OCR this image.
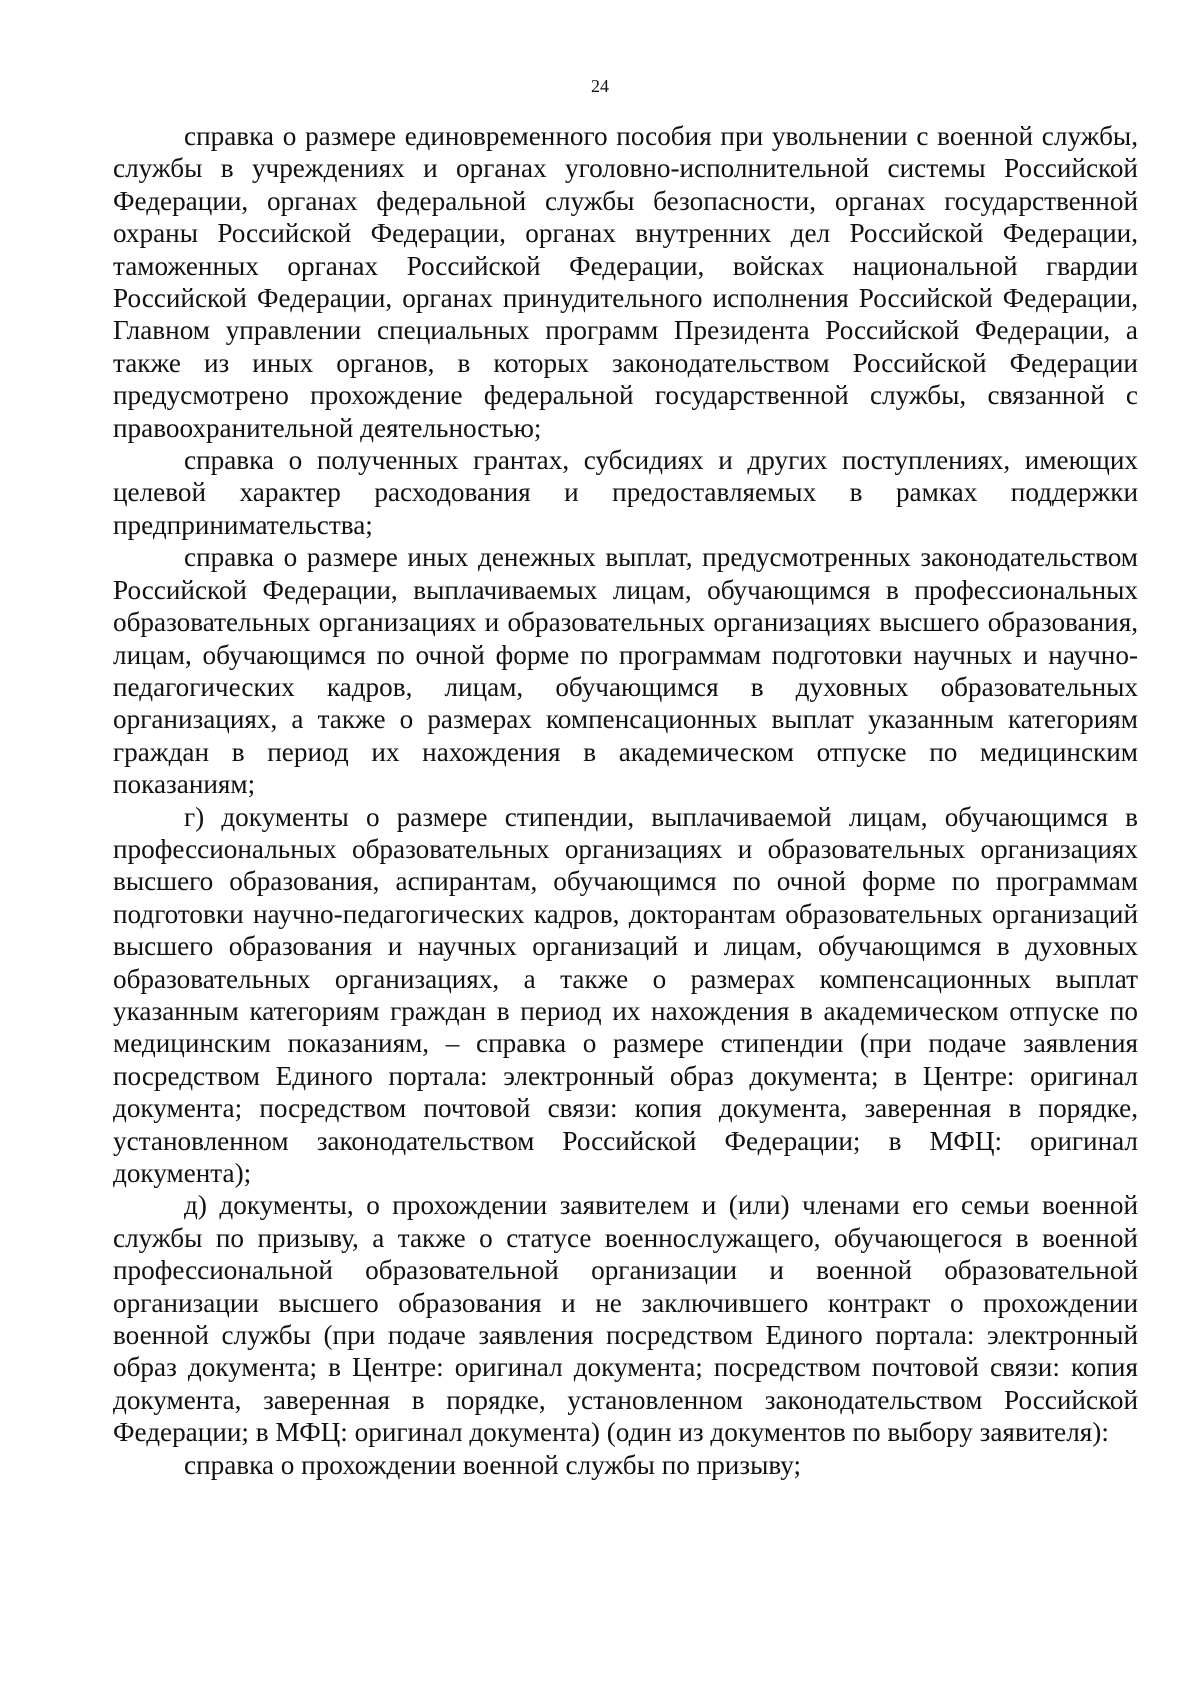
24

справка о размере единовременного пособия при увольнении с военной службы, службы в учреждениях и органах уголовно-исполнительной системы Российской Федерации, органах федеральной службы безопасности, органах государственной охраны Российской Федерации, органах внутренних дел Российской Федерации, таможенных органах Российской Федерации, войсках национальной гвардии Российской Федерации, органах принудительного исполнения Российской Федерации, Главном управлении специальных программ Президента Российской Федерации, а также из иных органов, в которых законодательством Российской Федерации предусмотрено прохождение федеральной государственной службы, связанной с правоохранительной деятельностью;

справка о полученных грантах, субсидиях и других поступлениях, имеющих целевой характер расходования и предоставляемых в рамках поддержки предпринимательства;

справка о размере иных денежных выплат, предусмотренных законодательством Российской Федерации, выплачиваемых лицам, обучающимся в профессиональных образовательных организациях и образовательных организациях высшего образования, лицам, обучающимся по очной форме по программам подготовки научных и научно-педагогических кадров, лицам, обучающимся в духовных образовательных организациях, а также о размерах компенсационных выплат указанным категориям граждан в период их нахождения в академическом отпуске по медицинским показаниям;

г) документы о размере стипендии, выплачиваемой лицам, обучающимся в профессиональных образовательных организациях и образовательных организациях высшего образования, аспирантам, обучающимся по очной форме по программам подготовки научно-педагогических кадров, докторантам образовательных организаций высшего образования и научных организаций и лицам, обучающимся в духовных образовательных организациях, а также о размерах компенсационных выплат указанным категориям граждан в период их нахождения в академическом отпуске по медицинским показаниям, – справка о размере стипендии (при подаче заявления посредством Единого портала: электронный образ документа; в Центре: оригинал документа; посредством почтовой связи: копия документа, заверенная в порядке, установленном законодательством Российской Федерации; в МФЦ: оригинал документа);

д) документы, о прохождении заявителем и (или) членами его семьи военной службы по призыву, а также о статусе военнослужащего, обучающегося в военной профессиональной образовательной организации и военной образовательной организации высшего образования и не заключившего контракт о прохождении военной службы (при подаче заявления посредством Единого портала: электронный образ документа; в Центре: оригинал документа; посредством почтовой связи: копия документа, заверенная в порядке, установленном законодательством Российской Федерации; в МФЦ: оригинал документа) (один из документов по выбору заявителя):

справка о прохождении военной службы по призыву;
